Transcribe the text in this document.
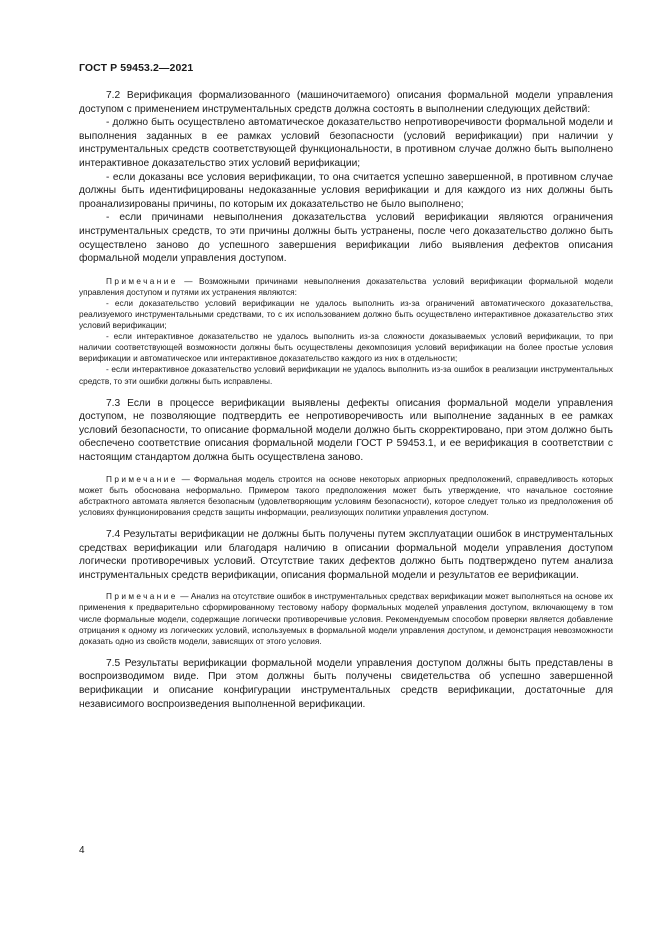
ГОСТ Р 59453.2—2021

7.2 Верификация формализованного (машиночитаемого) описания формальной модели управления доступом с применением инструментальных средств должна состоять в выполнении следующих действий:

- должно быть осуществлено автоматическое доказательство непротиворечивости формальной модели и выполнения заданных в ее рамках условий безопасности (условий верификации) при наличии у инструментальных средств соответствующей функциональности, в противном случае должно быть выполнено интерактивное доказательство этих условий верификации;

- если доказаны все условия верификации, то она считается успешно завершенной, в противном случае должны быть идентифицированы недоказанные условия верификации и для каждого из них должны быть проанализированы причины, по которым их доказательство не было выполнено;

- если причинами невыполнения доказательства условий верификации являются ограничения инструментальных средств, то эти причины должны быть устранены, после чего доказательство должно быть осуществлено заново до успешного завершения верификации либо выявления дефектов описания формальной модели управления доступом.

Примечание — Возможными причинами невыполнения доказательства условий верификации формальной модели управления доступом и путями их устранения являются:

- если доказательство условий верификации не удалось выполнить из-за ограничений автоматического доказательства, реализуемого инструментальными средствами, то с их использованием должно быть осуществлено интерактивное доказательство этих условий верификации;

- если интерактивное доказательство не удалось выполнить из-за сложности доказываемых условий верификации, то при наличии соответствующей возможности должны быть осуществлены декомпозиция условий верификации на более простые условия верификации и автоматическое или интерактивное доказательство каждого из них в отдельности;

- если интерактивное доказательство условий верификации не удалось выполнить из-за ошибок в реализации инструментальных средств, то эти ошибки должны быть исправлены.

7.3 Если в процессе верификации выявлены дефекты описания формальной модели управления доступом, не позволяющие подтвердить ее непротиворечивость или выполнение заданных в ее рамках условий безопасности, то описание формальной модели должно быть скорректировано, при этом должно быть обеспечено соответствие описания формальной модели ГОСТ Р 59453.1, и ее верификация в соответствии с настоящим стандартом должна быть осуществлена заново.

Примечание — Формальная модель строится на основе некоторых априорных предположений, справедливость которых может быть обоснована неформально. Примером такого предположения может быть утверждение, что начальное состояние абстрактного автомата является безопасным (удовлетворяющим условиям безопасности), которое следует только из предположения об условиях функционирования средств защиты информации, реализующих политики управления доступом.

7.4 Результаты верификации не должны быть получены путем эксплуатации ошибок в инструментальных средствах верификации или благодаря наличию в описании формальной модели управления доступом логически противоречивых условий. Отсутствие таких дефектов должно быть подтверждено путем анализа инструментальных средств верификации, описания формальной модели и результатов ее верификации.

Примечание — Анализ на отсутствие ошибок в инструментальных средствах верификации может выполняться на основе их применения к предварительно сформированному тестовому набору формальных моделей управления доступом, включающему в том числе формальные модели, содержащие логически противоречивые условия. Рекомендуемым способом проверки является добавление отрицания к одному из логических условий, используемых в формальной модели управления доступом, и демонстрация невозможности доказать одно из свойств модели, зависящих от этого условия.

7.5 Результаты верификации формальной модели управления доступом должны быть представлены в воспроизводимом виде. При этом должны быть получены свидетельства об успешно завершенной верификации и описание конфигурации инструментальных средств верификации, достаточные для независимого воспроизведения выполненной верификации.

4
